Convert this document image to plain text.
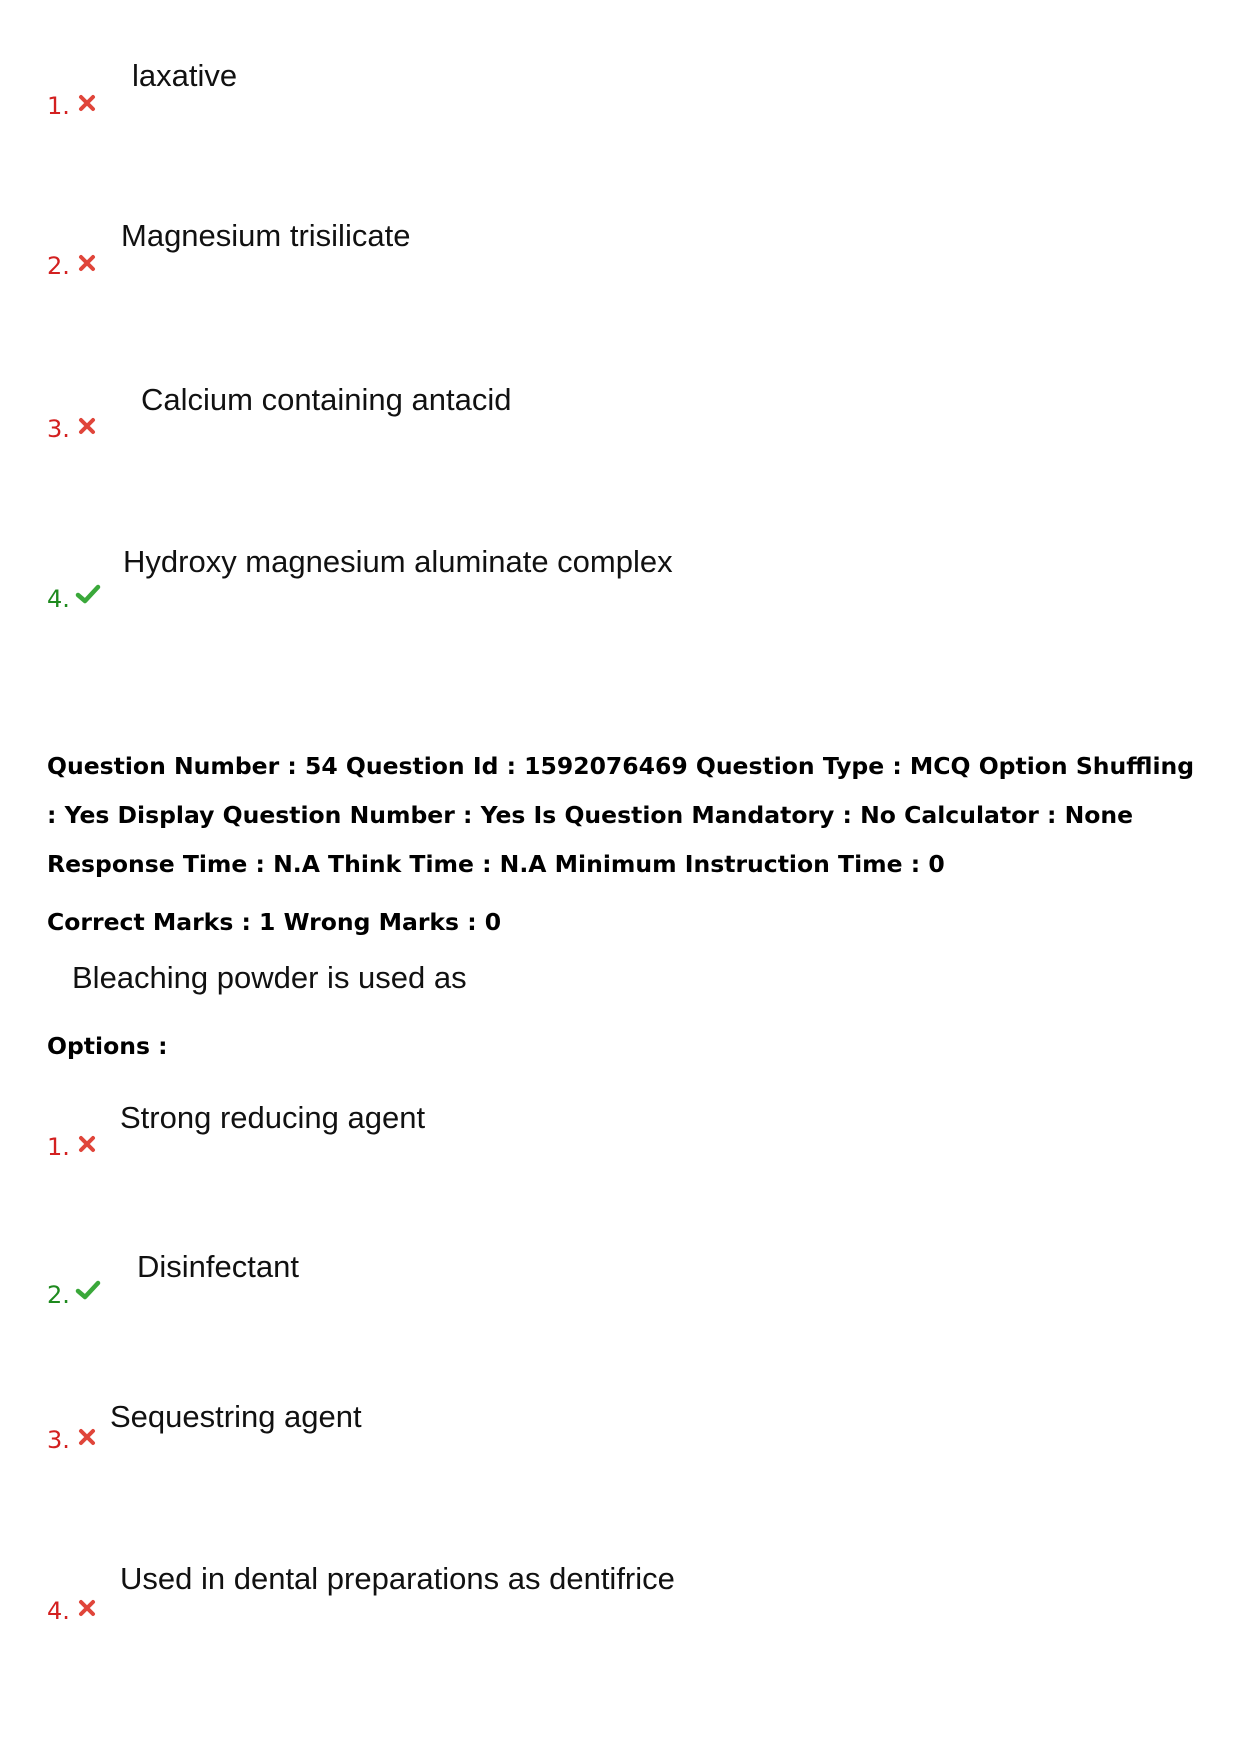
1.
laxative
2.
Magnesium trisilicate
3.
Calcium containing antacid
4.
Hydroxy magnesium aluminate complex
Question Number : 54 Question Id : 1592076469 Question Type : MCQ Option Shuffling : Yes Display Question Number : Yes Is Question Mandatory : No Calculator : None Response Time : N.A Think Time : N.A Minimum Instruction Time : 0
Correct Marks : 1 Wrong Marks : 0
Bleaching powder is used as
Options :
1.
Strong reducing agent
2.
Disinfectant
3.
Sequestring agent
4.
Used in dental preparations as dentifrice
